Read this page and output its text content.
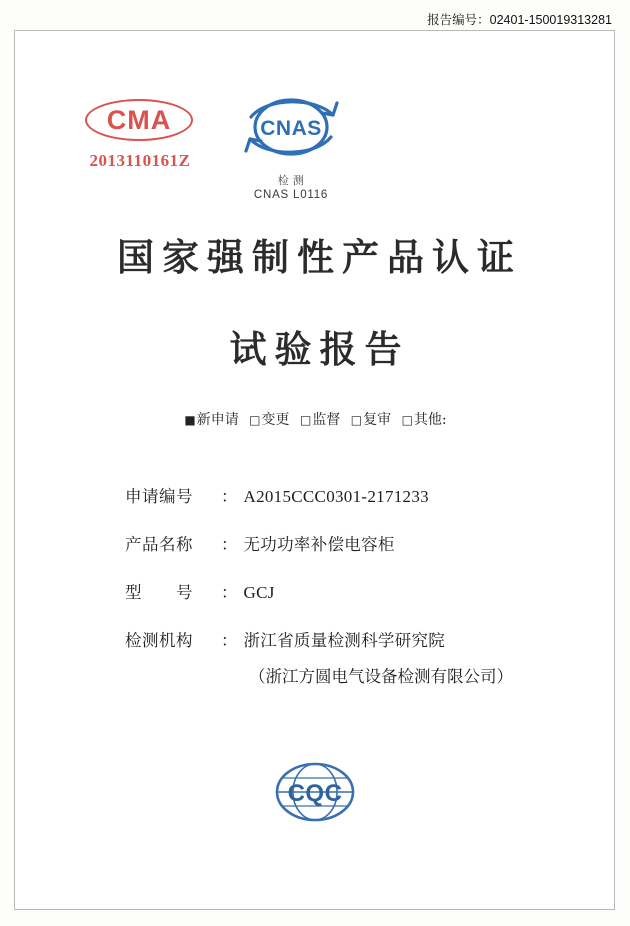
报告编号：02401-150019313281
CMA
2013110161Z
CNAS
检 测
CNAS L0116
国家强制性产品认证
试验报告
■新申请 □变更 □监督 □复审 □其他:
申请编号	： A2015CCC0301-2171233
产品名称	： 无功功率补偿电容柜
型　　号	： GCJ
检测机构	： 浙江省质量检测科学研究院
（浙江方圆电气设备检测有限公司）
CQC
